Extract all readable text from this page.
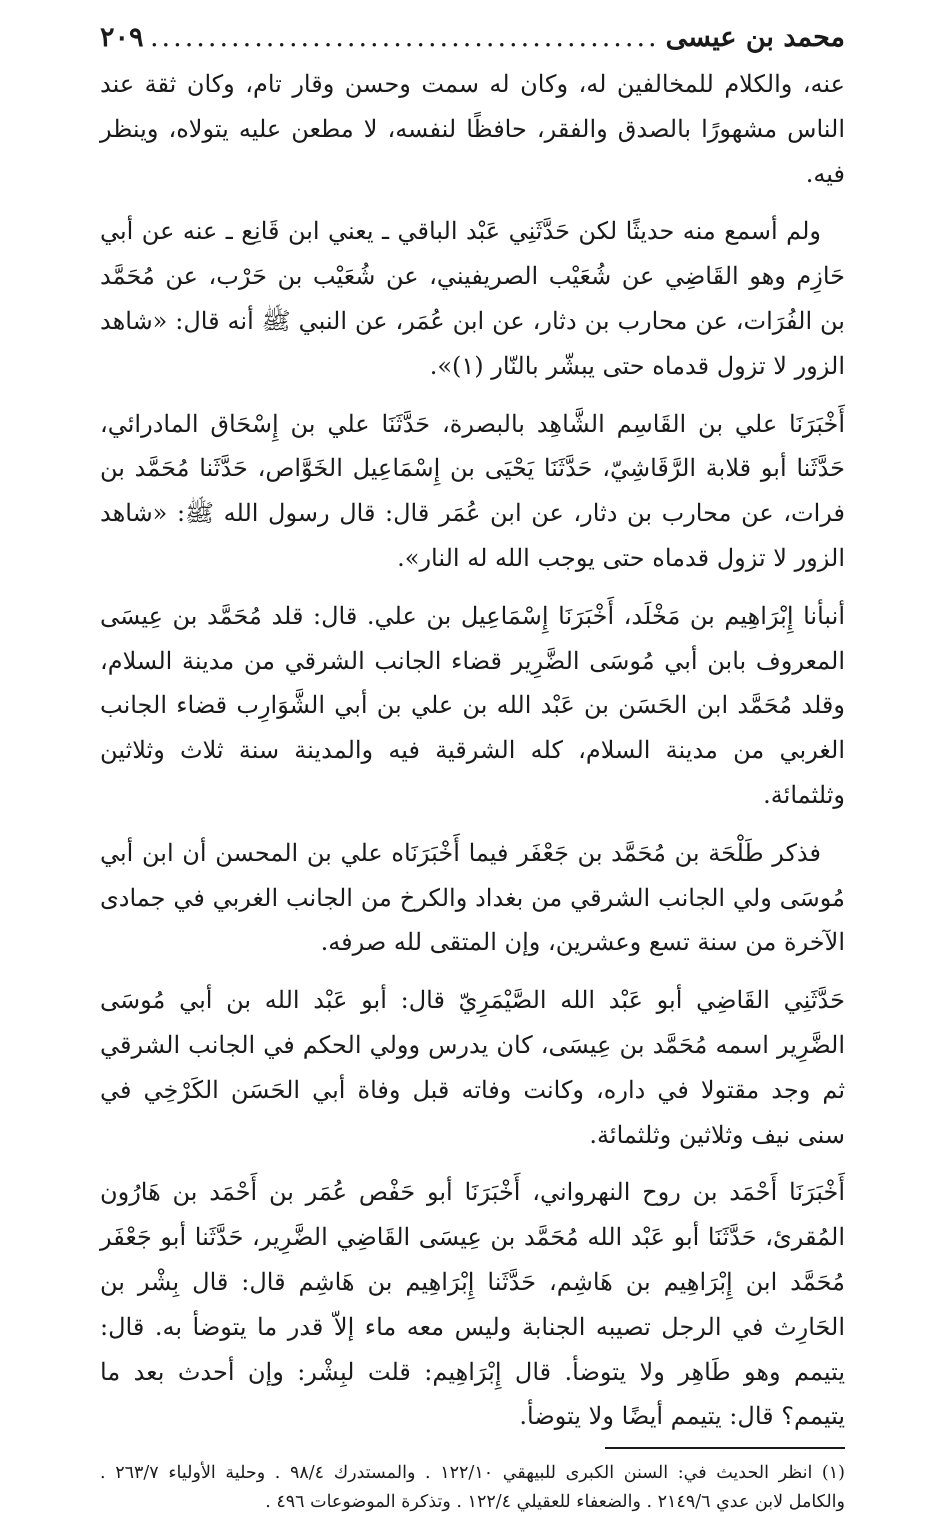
محمد بن عيسى
.....
٢٠٩

عنه، والكلام للمخالفين له، وكان له سمت وحسن وقار تام، وكان ثقة عند الناس مشهورًا بالصدق والفقر، حافظًا لنفسه، لا مطعن عليه يتولاه، وينظر فيه.

ولم أسمع منه حديثًا لكن حَدَّثَنِي عَبْد الباقي ـ يعني ابن قَانِع ـ عنه عن أبي حَازِم وهو القَاضِي عن شُعَيْب الصريفيني، عن شُعَيْب بن حَرْب، عن مُحَمَّد بن الفُرَات، عن محارب بن دثار، عن ابن عُمَر، عن النبي ﷺ أنه قال: «شاهد الزور لا تزول قدماه حتى يبشّر بالنّار (١)».

أَخْبَرَنَا علي بن القَاسِم الشَّاهِد بالبصرة، حَدَّثَنَا علي بن إِسْحَاق المادرائي، حَدَّثَنا أبو قلابة الرَّقَاشِيّ، حَدَّثَنَا يَحْيَى بن إِسْمَاعِيل الخَوَّاص، حَدَّثَنا مُحَمَّد بن فرات، عن محارب بن دثار، عن ابن عُمَر قال: قال رسول الله ﷺ: «شاهد الزور لا تزول قدماه حتى يوجب الله له النار».

أنبأنا إِبْرَاهِيم بن مَخْلَد، أَخْبَرَنَا إِسْمَاعِيل بن علي. قال: قلد مُحَمَّد بن عِيسَى المعروف بابن أبي مُوسَى الضَّرِير قضاء الجانب الشرقي من مدينة السلام، وقلد مُحَمَّد ابن الحَسَن بن عَبْد الله بن علي بن أبي الشَّوَارِب قضاء الجانب الغربي من مدينة السلام، كله الشرقية فيه والمدينة سنة ثلاث وثلاثين وثلثمائة.

فذكر طَلْحَة بن مُحَمَّد بن جَعْفَر فيما أَخْبَرَنَاه علي بن المحسن أن ابن أبي مُوسَى ولي الجانب الشرقي من بغداد والكرخ من الجانب الغربي في جمادى الآخرة من سنة تسع وعشرين، وإن المتقى لله صرفه.

حَدَّثَنِي القَاضِي أبو عَبْد الله الصَّيْمَرِيّ قال: أبو عَبْد الله بن أبي مُوسَى الضَّرِير اسمه مُحَمَّد بن عِيسَى، كان يدرس وولي الحكم في الجانب الشرقي ثم وجد مقتولا في داره، وكانت وفاته قبل وفاة أبي الحَسَن الكَرْخِي في سنى نيف وثلاثين وثلثمائة.

أَخْبَرَنَا أَحْمَد بن روح النهرواني، أَخْبَرَنَا أبو حَفْص عُمَر بن أَحْمَد بن هَارُون المُقرئ، حَدَّثَنَا أبو عَبْد الله مُحَمَّد بن عِيسَى القَاضِي الضَّرِير، حَدَّثَنا أبو جَعْفَر مُحَمَّد ابن إِبْرَاهِيم بن هَاشِم، حَدَّثَنا إِبْرَاهِيم بن هَاشِم قال: قال بِشْر بن الحَارِث في الرجل تصيبه الجنابة وليس معه ماء إلاّ قدر ما يتوضأ به. قال: يتيمم وهو طَاهِر ولا يتوضأ. قال إِبْرَاهِيم: قلت لبِشْر: وإن أحدث بعد ما يتيمم؟ قال: يتيمم أيضًا ولا يتوضأ.

(١) انظر الحديث في: السنن الكبرى للبيهقي ١٢٢/١٠ . والمستدرك ٩٨/٤ . وحلية الأولياء ٢٦٣/٧ . والكامل لابن عدي ٢١٤٩/٦ . والضعفاء للعقيلي ١٢٢/٤ . وتذكرة الموضوعات ٤٩٦ .
